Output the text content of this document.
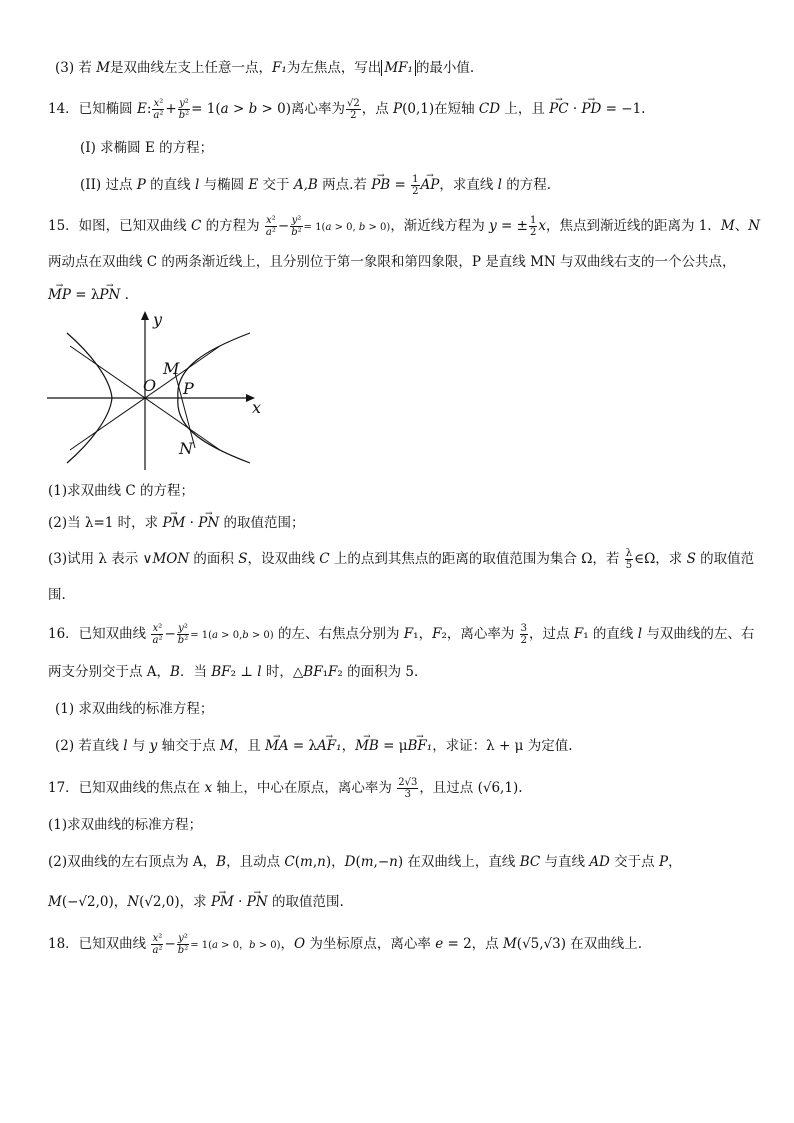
(3) 若 M是双曲线左支上任意一点，F₁为左焦点，写出 MF₁ 的最小值.
14．已知椭圆 E: $\frac{\text{x²}}{\text{a²}} + \frac{\text{y²}}{\text{b²}} = 1(a > b > 0)$离心率为 $\frac{√2}{2}$ ，点 P(0,1)在短轴 CD 上，且 → PC · → PD = −1.
(I) 求椭圆 E 的方程；
(II) 过点 P 的直线 l 与椭圆 E 交于 A,B 两点.若 → PB = $\frac{1}{2}$
→ AP，求直线 l 的方程.
15．如图，已知双曲线 C 的方程为 $\frac{\text{x²}}{\text{a²}} - \frac{\text{y²}}{\text{b²}} = 1(a > 0$, b > 0)，渐近线方程为 y = ± $\frac{1}{2}$ x，焦点到渐近线的距离为 1．M、N
两动点在双曲线 C 的两条渐近线上，且分别位于第一象限和第四象限，P 是直线 MN 与双曲线右支的一个公共点，
→ MP = λ→ PN .
y
x
O
M
P
N
(1)求双曲线 C 的方程；
(2)当 λ=1 时，求 → PM · → PN 的取值范围；
(3)试用 λ 表示 ∨MON 的面积 S，设双曲线 C 上的点到其焦点的距离的取值范围为集合 Ω，若 $\frac{\lambda}{5}$ ∈Ω，求 S 的取值范
围.
16．已知双曲线 $\frac{\text{x²}}{\text{a²}} - \frac{\text{y²}}{\text{b²}} = 1(a > 0,b > 0)$ 的左、右焦点分别为 F₁，F₂，离心率为 $\frac{3}{2}$ ，过点 F₁ 的直线 l 与双曲线的左、右
两支分别交于点 A，B．当 BF₂ ⊥ l 时，△BF₁F₂ 的面积为 5．
(1) 求双曲线的标准方程；
(2) 若直线 l 与 y 轴交于点 M，且 → MA = λ→ AF₁，→ MB = μ→ BF₁，求证：λ + μ 为定值.
17．已知双曲线的焦点在 x 轴上，中心在原点，离心率为 $\frac{2√3}{3}$ ，且过点 (√6,1).
(1)求双曲线的标准方程；
(2)双曲线的左右顶点为 A，B，且动点 C(m,n)，D(m,−n) 在双曲线上，直线 BC 与直线 AD 交于点 P，
M(−√2,0)，N(√2,0)，求 → PM · → PN 的取值范围.
18．已知双曲线 $\frac{\text{x²}}{\text{a²}} - \frac{\text{y²}}{\text{b²}} = 1(a > 0$，b > 0)，O 为坐标原点，离心率 e = 2，点 M(√5,√3) 在双曲线上.
